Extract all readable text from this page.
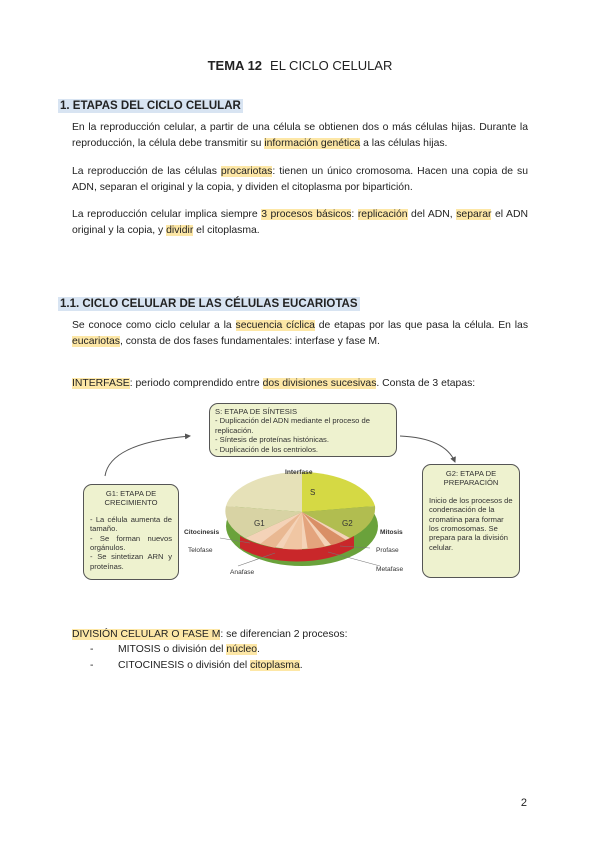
TEMA 12 EL CICLO CELULAR
1. ETAPAS DEL CICLO CELULAR
En la reproducción celular, a partir de una célula se obtienen dos o más células hijas. Durante la reproducción, la célula debe transmitir su información genética a las células hijas.
La reproducción de las células procariotas: tienen un único cromosoma. Hacen una copia de su ADN, separan el original y la copia, y dividen el citoplasma por bipartición.
La reproducción celular implica siempre 3 procesos básicos: replicación del ADN, separar el ADN original y la copia, y dividir el citoplasma.
1.1. CICLO CELULAR DE LAS CÉLULAS EUCARIOTAS
Se conoce como ciclo celular a la secuencia cíclica de etapas por las que pasa la célula. En las eucariotas, consta de dos fases fundamentales: interfase y fase M.
INTERFASE: periodo comprendido entre dos divisiones sucesivas. Consta de 3 etapas:
Interfase
S
G1	G2
Citocinesis	Mitosis
Telofase	Profase
Anafase	Metafase
S: ETAPA DE SÍNTESIS
- Duplicación del ADN mediante el proceso de replicación.
- Síntesis de proteínas histónicas.
- Duplicación de los centriolos.
G1: ETAPA DE CRECIMIENTO
- La célula aumenta de tamaño.
- Se forman nuevos orgánulos.
- Se sintetizan ARN y proteínas.
G2: ETAPA DE PREPARACIÓN
Inicio de los procesos de condensación de la cromatina para formar los cromosomas. Se prepara para la división celular.
DIVISIÓN CELULAR O FASE M: se diferencian 2 procesos:
- MITOSIS o división del núcleo.
- CITOCINESIS o división del citoplasma.
2
